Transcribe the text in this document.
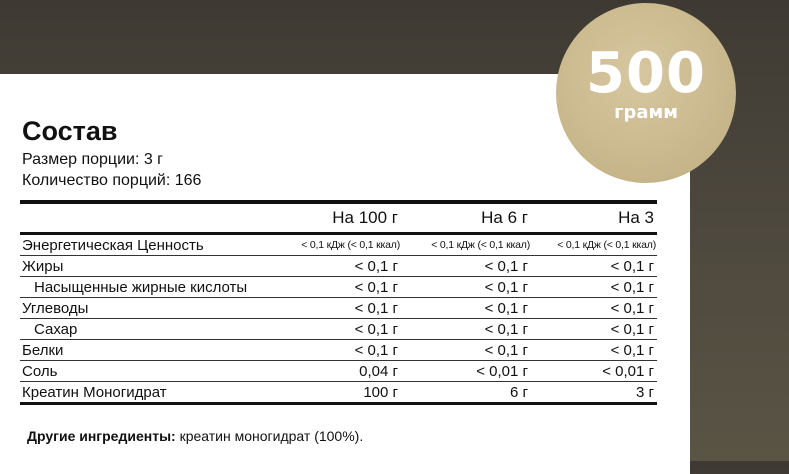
500
грамм
Состав
Размер порции: 3 г
Количество порций: 166
	На 100 г	На 6 г	На 3
Энергетическая Ценность	< 0,1 кДж (< 0,1 ккал)	< 0,1 кДж (< 0,1 ккал)	< 0,1 кДж (< 0,1 ккал)
Жиры	< 0,1 г	< 0,1 г	< 0,1 г
Насыщенные жирные кислоты	< 0,1 г	< 0,1 г	< 0,1 г
Углеводы	< 0,1 г	< 0,1 г	< 0,1 г
Сахар	< 0,1 г	< 0,1 г	< 0,1 г
Белки	< 0,1 г	< 0,1 г	< 0,1 г
Соль	0,04 г	< 0,01 г	< 0,01 г
Креатин Моногидрат	100 г	6 г	3 г
Другие ингредиенты: креатин моногидрат (100%).
